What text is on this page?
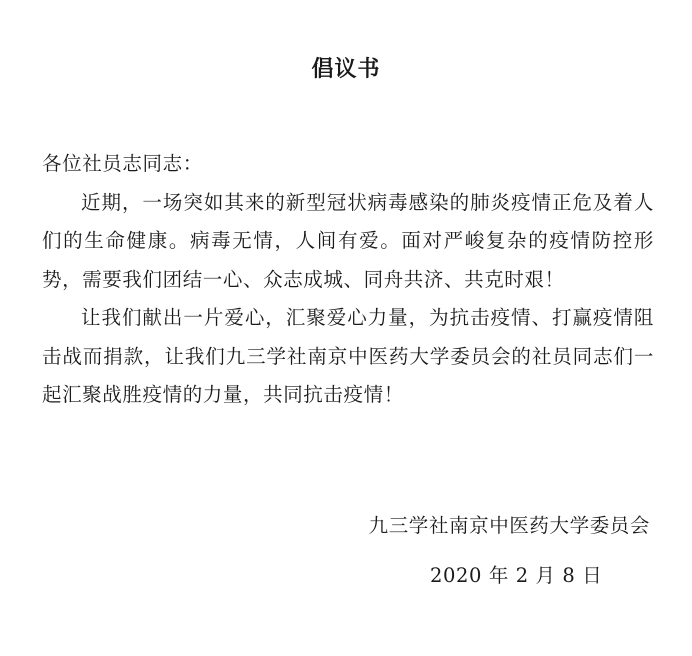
倡议书

各位社员志同志：

近期，一场突如其来的新型冠状病毒感染的肺炎疫情正危及着人们的生命健康。病毒无情，人间有爱。面对严峻复杂的疫情防控形势，需要我们团结一心、众志成城、同舟共济、共克时艰！

让我们献出一片爱心，汇聚爱心力量，为抗击疫情、打赢疫情阻击战而捐款，让我们九三学社南京中医药大学委员会的社员同志们一起汇聚战胜疫情的力量，共同抗击疫情！

九三学社南京中医药大学委员会
2020 年 2 月 8 日
